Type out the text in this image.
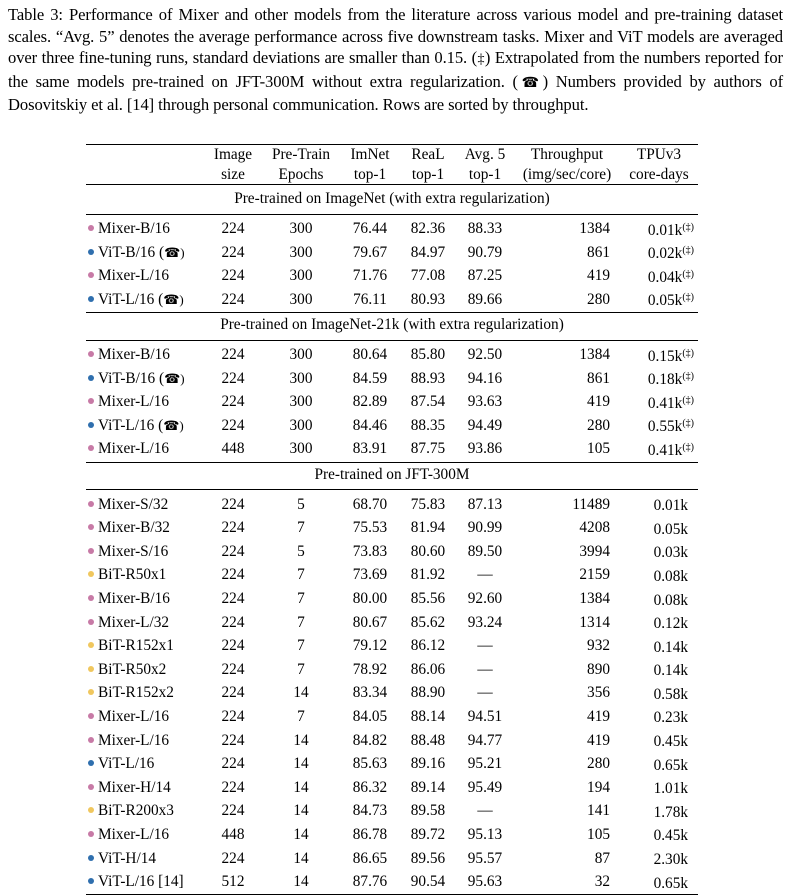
Table 3: Performance of Mixer and other models from the literature across various model and pre-training dataset scales. “Avg. 5” denotes the average performance across five downstream tasks. Mixer and ViT models are averaged over three fine-tuning runs, standard deviations are smaller than 0.15. (‡) Extrapolated from the numbers reported for the same models pre-trained on JFT-300M without extra regularization. (☎) Numbers provided by authors of Dosovitskiy et al. [14] through personal communication. Rows are sorted by throughput.
	Image	Pre-Train	ImNet	ReaL	Avg. 5	Throughput	TPUv3
	size	Epochs	top-1	top-1	top-1	(img/sec/core)	core-days
Pre-trained on ImageNet (with extra regularization)							

Mixer-B/16	224	300	76.44	82.36	88.33	1384	0.01k(‡)
ViT-B/16 (☎)	224	300	79.67	84.97	90.79	861	0.02k(‡)
Mixer-L/16	224	300	71.76	77.08	87.25	419	0.04k(‡)
ViT-L/16 (☎)	224	300	76.11	80.93	89.66	280	0.05k(‡)
Pre-trained on ImageNet-21k (with extra regularization)							

Mixer-B/16	224	300	80.64	85.80	92.50	1384	0.15k(‡)
ViT-B/16 (☎)	224	300	84.59	88.93	94.16	861	0.18k(‡)
Mixer-L/16	224	300	82.89	87.54	93.63	419	0.41k(‡)
ViT-L/16 (☎)	224	300	84.46	88.35	94.49	280	0.55k(‡)
Mixer-L/16	448	300	83.91	87.75	93.86	105	0.41k(‡)
Pre-trained on JFT-300M							

Mixer-S/32	224	5	68.70	75.83	87.13	11489	0.01k
Mixer-B/32	224	7	75.53	81.94	90.99	4208	0.05k
Mixer-S/16	224	5	73.83	80.60	89.50	3994	0.03k
BiT-R50x1	224	7	73.69	81.92	—	2159	0.08k
Mixer-B/16	224	7	80.00	85.56	92.60	1384	0.08k
Mixer-L/32	224	7	80.67	85.62	93.24	1314	0.12k
BiT-R152x1	224	7	79.12	86.12	—	932	0.14k
BiT-R50x2	224	7	78.92	86.06	—	890	0.14k
BiT-R152x2	224	14	83.34	88.90	—	356	0.58k
Mixer-L/16	224	7	84.05	88.14	94.51	419	0.23k
Mixer-L/16	224	14	84.82	88.48	94.77	419	0.45k
ViT-L/16	224	14	85.63	89.16	95.21	280	0.65k
Mixer-H/14	224	14	86.32	89.14	95.49	194	1.01k
BiT-R200x3	224	14	84.73	89.58	—	141	1.78k
Mixer-L/16	448	14	86.78	89.72	95.13	105	0.45k
ViT-H/14	224	14	86.65	89.56	95.57	87	2.30k
ViT-L/16 [14]	512	14	87.76	90.54	95.63	32	0.65k
